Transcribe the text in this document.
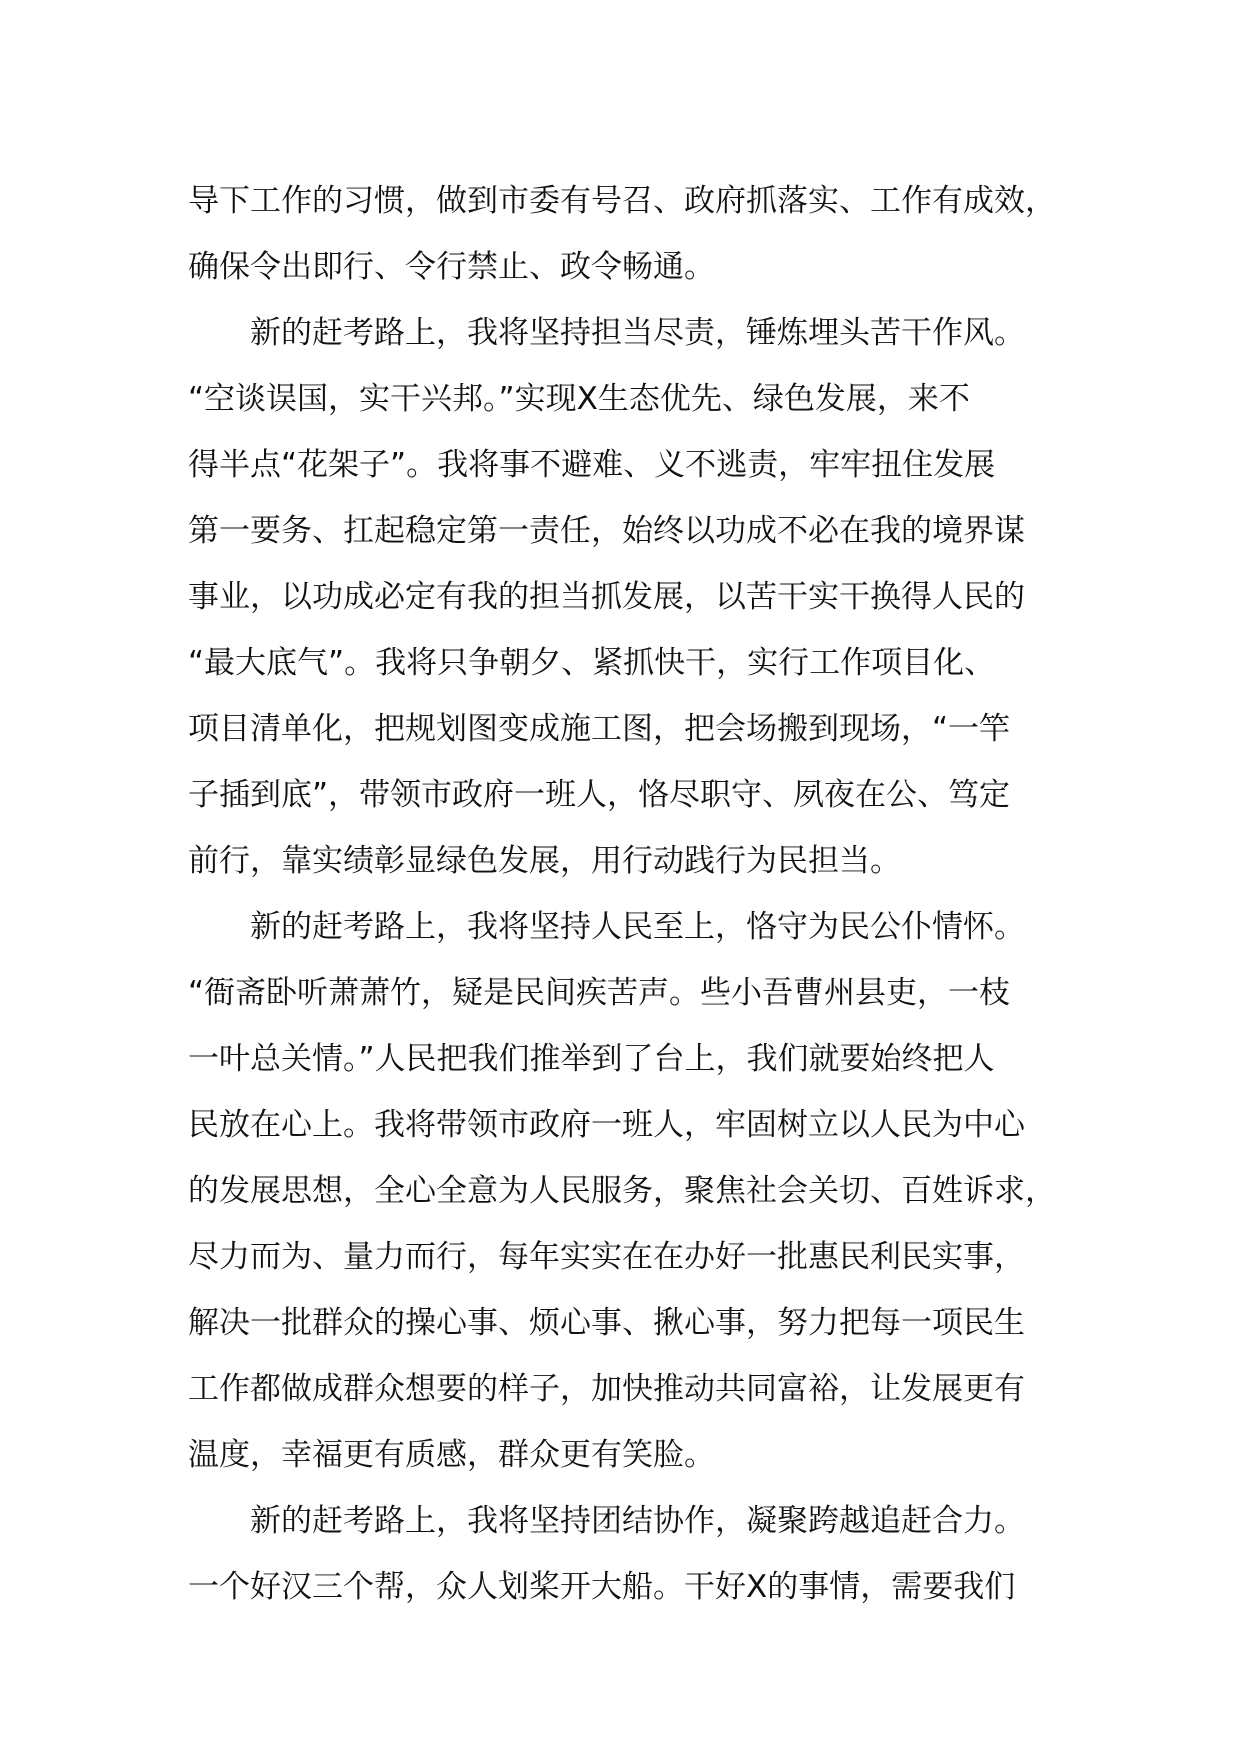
导下工作的习惯，做到市委有号召、政府抓落实、工作有成效，
确保令出即行、令行禁止、政令畅通。
新的赶考路上，我将坚持担当尽责，锤炼埋头苦干作风。
“空谈误国，实干兴邦。”实现X生态优先、绿色发展，来不
得半点“花架子”。我将事不避难、义不逃责，牢牢扭住发展
第一要务、扛起稳定第一责任，始终以功成不必在我的境界谋
事业，以功成必定有我的担当抓发展，以苦干实干换得人民的
“最大底气”。我将只争朝夕、紧抓快干，实行工作项目化、
项目清单化，把规划图变成施工图，把会场搬到现场，“一竿
子插到底”，带领市政府一班人，恪尽职守、夙夜在公、笃定
前行，靠实绩彰显绿色发展，用行动践行为民担当。
新的赶考路上，我将坚持人民至上，恪守为民公仆情怀。
“衙斋卧听萧萧竹，疑是民间疾苦声。些小吾曹州县吏，一枝
一叶总关情。”人民把我们推举到了台上，我们就要始终把人
民放在心上。我将带领市政府一班人，牢固树立以人民为中心
的发展思想，全心全意为人民服务，聚焦社会关切、百姓诉求，
尽力而为、量力而行，每年实实在在办好一批惠民利民实事，
解决一批群众的操心事、烦心事、揪心事，努力把每一项民生
工作都做成群众想要的样子，加快推动共同富裕，让发展更有
温度，幸福更有质感，群众更有笑脸。
新的赶考路上，我将坚持团结协作，凝聚跨越追赶合力。
一个好汉三个帮，众人划桨开大船。干好X的事情，需要我们
